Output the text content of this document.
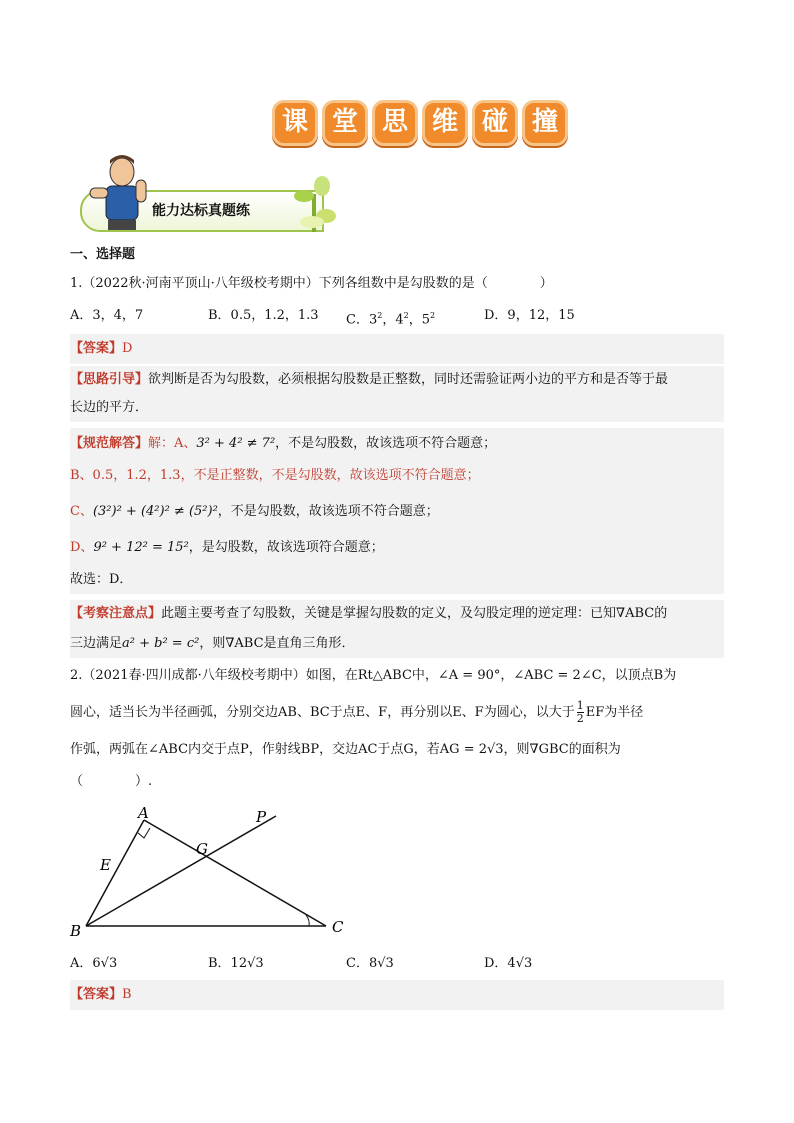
课 堂 思 维 碰 撞
能力达标真题练
一、选择题
1.（2022秋·河南平顶山·八年级校考期中）下列各组数中是勾股数的是（　　　　）
A．3，4，7	B．0.5，1.2，1.3 C．$3^2$，$4^2$，$5^2$	D．9，12，15
【答案】D
【思路引导】欲判断是否为勾股数，必须根据勾股数是正整数，同时还需验证两小边的平方和是否等于最
长边的平方．
【规范解答】解：A、3² + 4² ≠ 7²，不是勾股数，故该选项不符合题意；
B、0.5，1.2，1.3，不是正整数，不是勾股数，故该选项不符合题意；
C、(3²)² + (4²)² ≠ (5²)²，不是勾股数，故该选项不符合题意；
D、9² + 12² = 15²，是勾股数，故该选项符合题意；
故选：D．
【考察注意点】此题主要考查了勾股数，关键是掌握勾股数的定义，及勾股定理的逆定理：已知∇ABC的
三边满足a² + b² = c²，则∇ABC是直角三角形．
2.（2021春·四川成都·八年级校考期中）如图，在Rt△ABC中，∠A = 90°，∠ABC = 2∠C，以顶点B为
圆心，适当长为半径画弧，分别交边AB、BC于点E、F，再分别以E、F为圆心，以大于 $\frac{1}{2}$ EF为半径
作弧，两弧在∠ABC内交于点P，作射线BP，交边AC于点G，若AG = 2√3，则∇GBC的面积为
（　　　　）.
A
B	C
E
G
P
A．6√3	B．12√3	C．8√3	D．4√3
【答案】B
